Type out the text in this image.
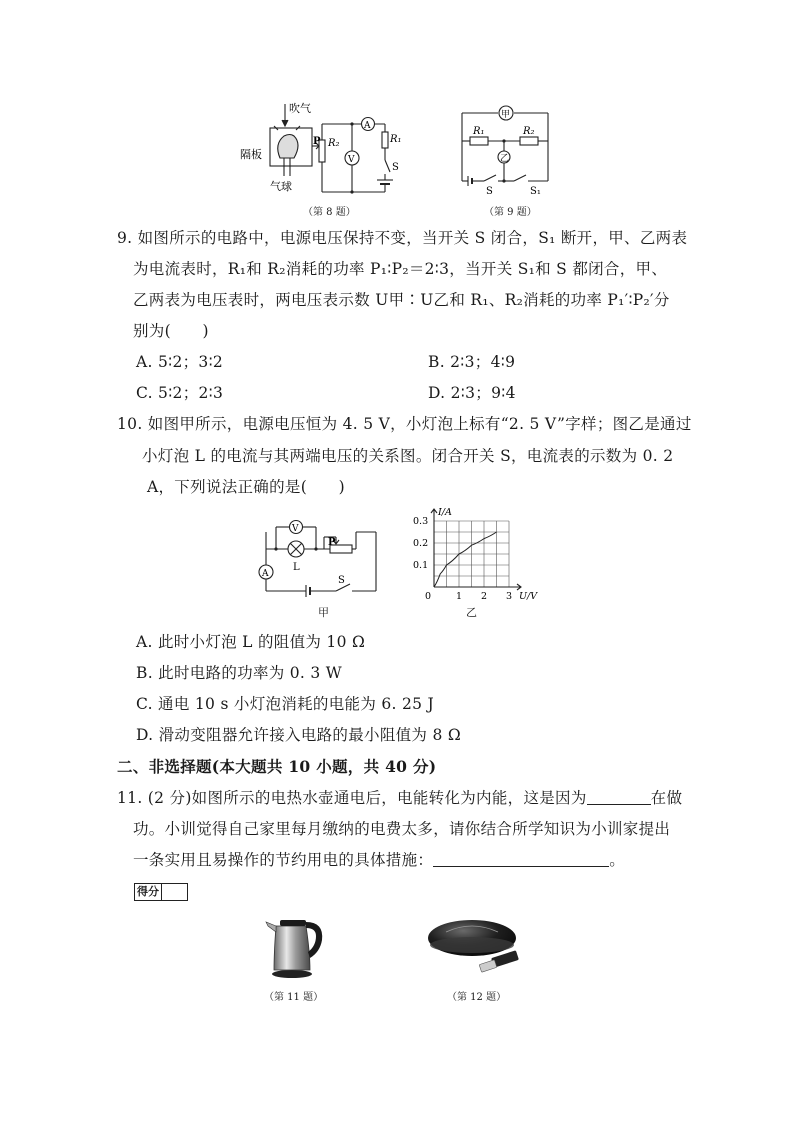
吹气
隔板
气球
P R₂	R₁
A
V
S
（第 8 题）
甲
乙
R₁	R₂
S	S₁
（第 9 题）
9. 如图所示的电路中，电源电压保持不变，当开关 S 闭合，S₁ 断开，甲、乙两表
为电流表时，R₁和 R₂消耗的功率 P₁∶P₂＝2∶3，当开关 S₁和 S 都闭合，甲、
乙两表为电压表时，两电压表示数 U甲∶U乙和 R₁、R₂消耗的功率 P₁′∶P₂′分
别为(　　)
A. 5∶2；3∶2	B. 2∶3；4∶9
C. 5∶2；2∶3	D. 2∶3；9∶4
10. 如图甲所示，电源电压恒为 4. 5 V，小灯泡上标有“2. 5 V”字样；图乙是通过
小灯泡 L 的电流与其两端电压的关系图。闭合开关 S，电流表的示数为 0. 2
A，下列说法正确的是(　　)
V
A
L
P
S
甲
1 2 3
0.1
0.2
0.3
0	U/V
I/A
乙
A. 此时小灯泡 L 的阻值为 10 Ω
B. 此时电路的功率为 0. 3 W
C. 通电 10 s 小灯泡消耗的电能为 6. 25 J
D. 滑动变阻器允许接入电路的最小阻值为 8 Ω
二、非选择题(本大题共 10 小题，共 40 分)
11. (2 分)如图所示的电热水壶通电后，电能转化为内能，这是因为	在做
功。小训觉得自己家里每月缴纳的电费太多，请你结合所学知识为小训家提出
一条实用且易操作的节约用电的具体措施：	。
得分
（第 11 题）	（第 12 题）
